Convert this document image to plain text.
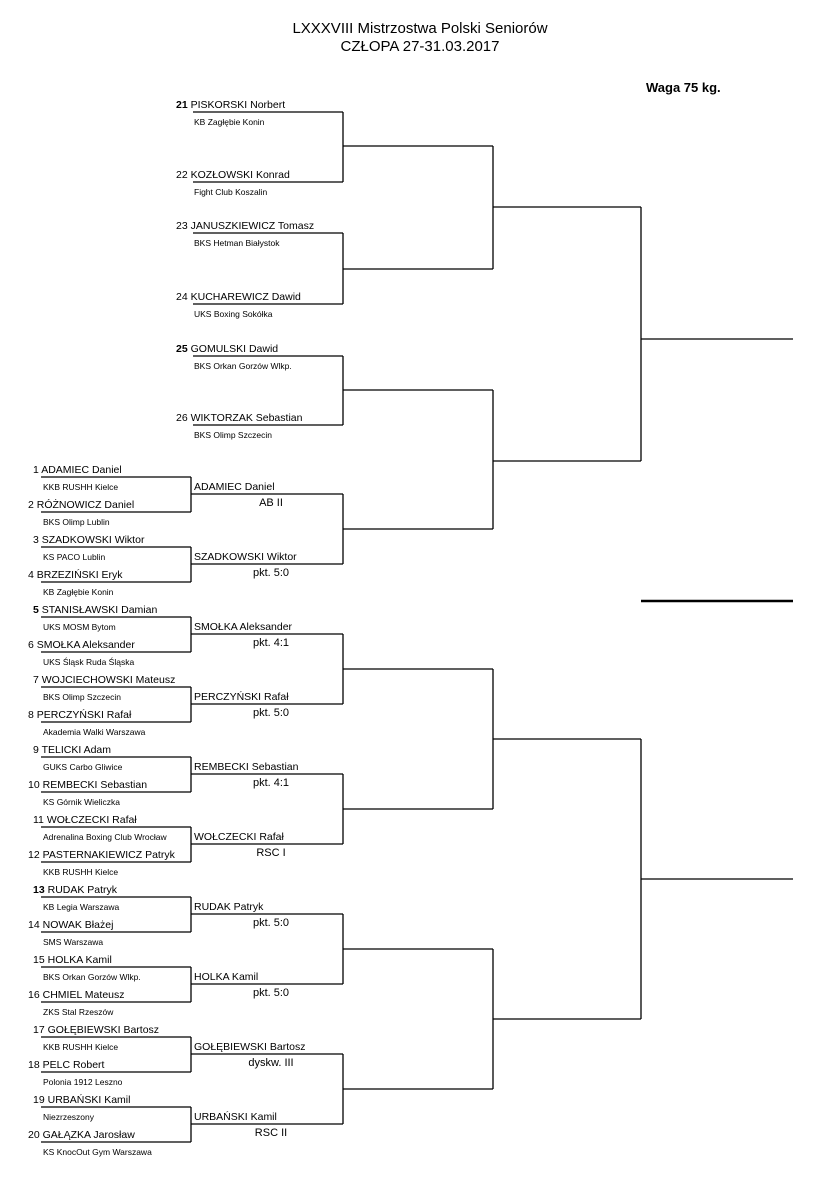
LXXXVIII Mistrzostwa Polski Seniorów
CZŁOPA 27-31.03.2017
Waga 75 kg.
21 PISKORSKI Norbert
KB Zagłębie Konin
22 KOZŁOWSKI Konrad
Fight Club Koszalin
23 JANUSZKIEWICZ Tomasz
BKS Hetman Białystok
24 KUCHAREWICZ Dawid
UKS Boxing Sokółka
25 GOMULSKI Dawid
BKS Orkan Gorzów Wlkp.
26 WIKTORZAK Sebastian
BKS Olimp Szczecin
1 ADAMIEC Daniel
KKB RUSHH Kielce
2 RÓŻNOWICZ Daniel
BKS Olimp Lublin
ADAMIEC Daniel
AB II
3 SZADKOWSKI Wiktor
KS PACO Lublin
4 BRZEZIŃSKI Eryk
KB Zagłębie Konin
SZADKOWSKI Wiktor
pkt. 5:0
5 STANISŁAWSKI Damian
UKS MOSM Bytom
6 SMOŁKA Aleksander
UKS Śląsk Ruda Śląska
SMOŁKA Aleksander
pkt. 4:1
7 WOJCIECHOWSKI Mateusz
BKS Olimp Szczecin
8 PERCZYŃSKI Rafał
Akademia Walki Warszawa
PERCZYŃSKI Rafał
pkt. 5:0
9 TELICKI Adam
GUKS Carbo Gliwice
10 REMBECKI Sebastian
KS Górnik Wieliczka
REMBECKI Sebastian
pkt. 4:1
11 WOŁCZECKI Rafał
Adrenalina Boxing Club Wrocław
12 PASTERNAKIEWICZ Patryk
KKB RUSHH Kielce
WOŁCZECKI Rafał
RSC I
13 RUDAK Patryk
KB Legia Warszawa
14 NOWAK Błażej
SMS Warszawa
RUDAK Patryk
pkt. 5:0
15 HOLKA Kamil
BKS Orkan Gorzów Wlkp.
16 CHMIEL Mateusz
ZKS Stal Rzeszów
HOLKA Kamil
pkt. 5:0
17 GOŁĘBIEWSKI Bartosz
KKB RUSHH Kielce
18 PELC Robert
Polonia 1912 Leszno
GOŁĘBIEWSKI Bartosz
dyskw. III
19 URBAŃSKI Kamil
Niezrzeszony
20 GAŁĄZKA Jarosław
KS KnocOut Gym Warszawa
URBAŃSKI Kamil
RSC II
